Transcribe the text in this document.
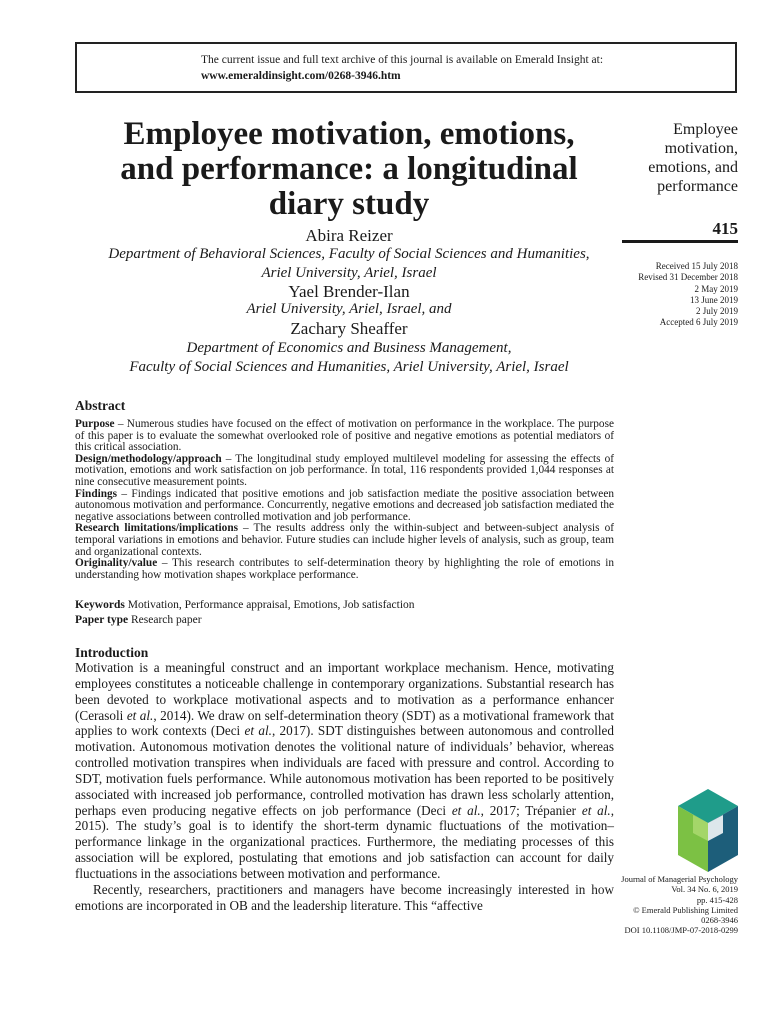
The current issue and full text archive of this journal is available on Emerald Insight at:
www.emeraldinsight.com/0268-3946.htm
Employee motivation, emotions,
and performance: a longitudinal
diary study
Abira Reizer
Department of Behavioral Sciences, Faculty of Social Sciences and Humanities,
Ariel University, Ariel, Israel
Yael Brender-Ilan
Ariel University, Ariel, Israel, and
Zachary Sheaffer
Department of Economics and Business Management,
Faculty of Social Sciences and Humanities, Ariel University, Ariel, Israel
Employee
motivation,
emotions, and
performance
415
Received 15 July 2018
Revised 31 December 2018
2 May 2019
13 June 2019
2 July 2019
Accepted 6 July 2019
Abstract

Purpose – Numerous studies have focused on the effect of motivation on performance in the workplace. The purpose of this paper is to evaluate the somewhat overlooked role of positive and negative emotions as potential mediators of this critical association.

Design/methodology/approach – The longitudinal study employed multilevel modeling for assessing the effects of motivation, emotions and work satisfaction on job performance. In total, 116 respondents provided 1,044 responses at nine consecutive measurement points.

Findings – Findings indicated that positive emotions and job satisfaction mediate the positive association between autonomous motivation and performance. Concurrently, negative emotions and decreased job satisfaction mediated the negative associations between controlled motivation and job performance.

Research limitations/implications – The results address only the within-subject and between-subject analysis of temporal variations in emotions and behavior. Future studies can include higher levels of analysis, such as group, team and organizational contexts.

Originality/value – This research contributes to self-determination theory by highlighting the role of emotions in understanding how motivation shapes workplace performance.

Keywords Motivation, Performance appraisal, Emotions, Job satisfaction
Paper type Research paper
Introduction

Motivation is a meaningful construct and an important workplace mechanism. Hence, motivating employees constitutes a noticeable challenge in contemporary organizations. Substantial research has been devoted to workplace motivational aspects and to motivation as a performance enhancer (Cerasoli et al., 2014). We draw on self-determination theory (SDT) as a motivational framework that applies to work contexts (Deci et al., 2017). SDT distinguishes between autonomous and controlled motivation. Autonomous motivation denotes the volitional nature of individuals’ behavior, whereas controlled motivation transpires when individuals are faced with pressure and control. According to SDT, motivation fuels performance. While autonomous motivation has been reported to be positively associated with increased job performance, controlled motivation has drawn less scholarly attention, perhaps even producing negative effects on job performance (Deci et al., 2017; Trépanier et al., 2015). The study’s goal is to identify the short-term dynamic fluctuations of the motivation–performance linkage in the organizational practices. Furthermore, the mediating processes of this association will be explored, postulating that emotions and job satisfaction can account for daily fluctuations in the associations between motivation and performance.

Recently, researchers, practitioners and managers have become increasingly interested in how emotions are incorporated in OB and the leadership literature. This “affective

Journal of Managerial Psychology
Vol. 34 No. 6, 2019
pp. 415-428
© Emerald Publishing Limited
0268-3946
DOI 10.1108/JMP-07-2018-0299
